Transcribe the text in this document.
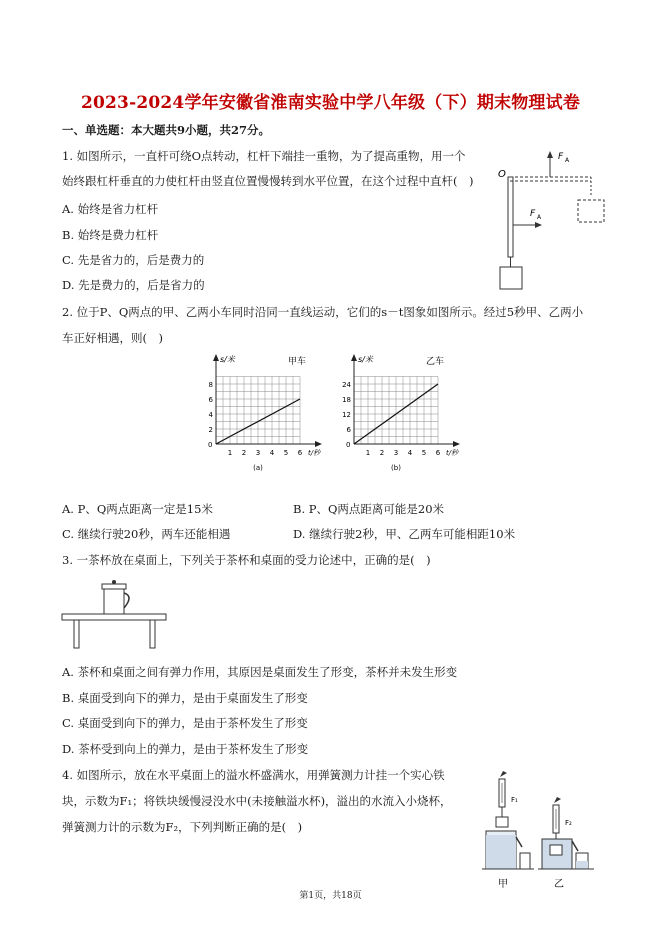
2023-2024学年安徽省淮南实验中学八年级（下）期末物理试卷
一、单选题：本大题共9小题，共27分。
1. 如图所示，一直杆可绕O点转动，杠杆下端挂一重物，为了提高重物，用一个
始终跟杠杆垂直的力使杠杆由竖直位置慢慢转到水平位置，在这个过程中直杆(　)
A. 始终是省力杠杆
B. 始终是费力杠杆
C. 先是省力的，后是费力的
D. 先是费力的，后是省力的
O
F A
F A
2. 位于P、Q两点的甲、乙两小车同时沿同一直线运动，它们的s－t图象如图所示。经过5秒甲、乙两小
车正好相遇，则(　)
s/米	甲车
t/秒
0
8
6
4
2
1 2 3 4 5 6
(a)
s/米	乙车
t/秒
0
24
18
12
6
1 2 3 4 5 6
(b)
A. P、Q两点距离一定是15米	B. P、Q两点距离可能是20米
C. 继续行驶20秒，两车还能相遇	D. 继续行驶2秒，甲、乙两车可能相距10米
3. 一茶杯放在桌面上，下列关于茶杯和桌面的受力论述中，正确的是(　)
A. 茶杯和桌面之间有弹力作用，其原因是桌面发生了形变，茶杯并未发生形变
B. 桌面受到向下的弹力，是由于桌面发生了形变
C. 桌面受到向下的弹力，是由于茶杯发生了形变
D. 茶杯受到向上的弹力，是由于茶杯发生了形变
4. 如图所示，放在水平桌面上的溢水杯盛满水，用弹簧测力计挂一个实心铁
块，示数为F₁；将铁块缓慢浸没水中(未接触溢水杯)，溢出的水流入小烧杯，
弹簧测力计的示数为F₂，下列判断正确的是(　)
F₁
甲
F₂
乙
第1页，共18页
